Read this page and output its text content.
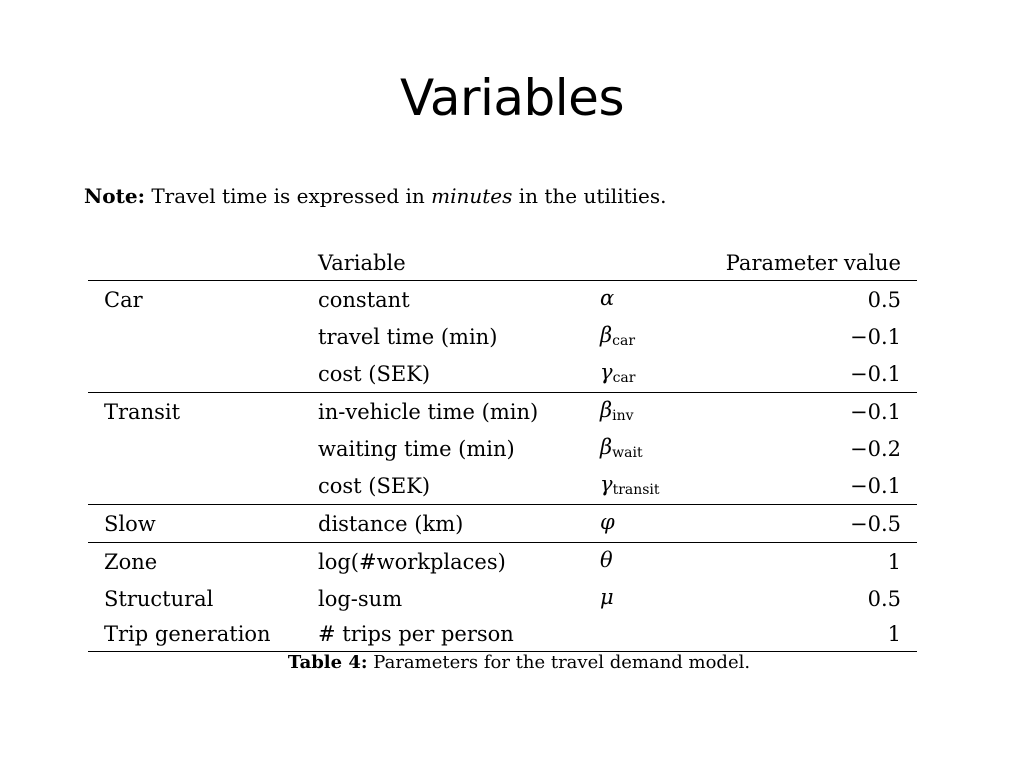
Variables
Note: Travel time is expressed in minutes in the utilities.
	Variable		Parameter value
Car	constant	α	0.5
	travel time (min)	$\beta_{car}$	−0.1
	cost (SEK)	$\gamma_{car}$	−0.1
Transit	in-vehicle time (min)	$\beta_{inv}$	−0.1
	waiting time (min)	$\beta_{wait}$	−0.2
	cost (SEK)	$\gamma_{transit}$	−0.1
Slow	distance (km)	φ	−0.5
Zone	log(#workplaces)	θ	1
Structural	log-sum	μ	0.5
Trip generation	# trips per person		1
Table 4: Parameters for the travel demand model.
